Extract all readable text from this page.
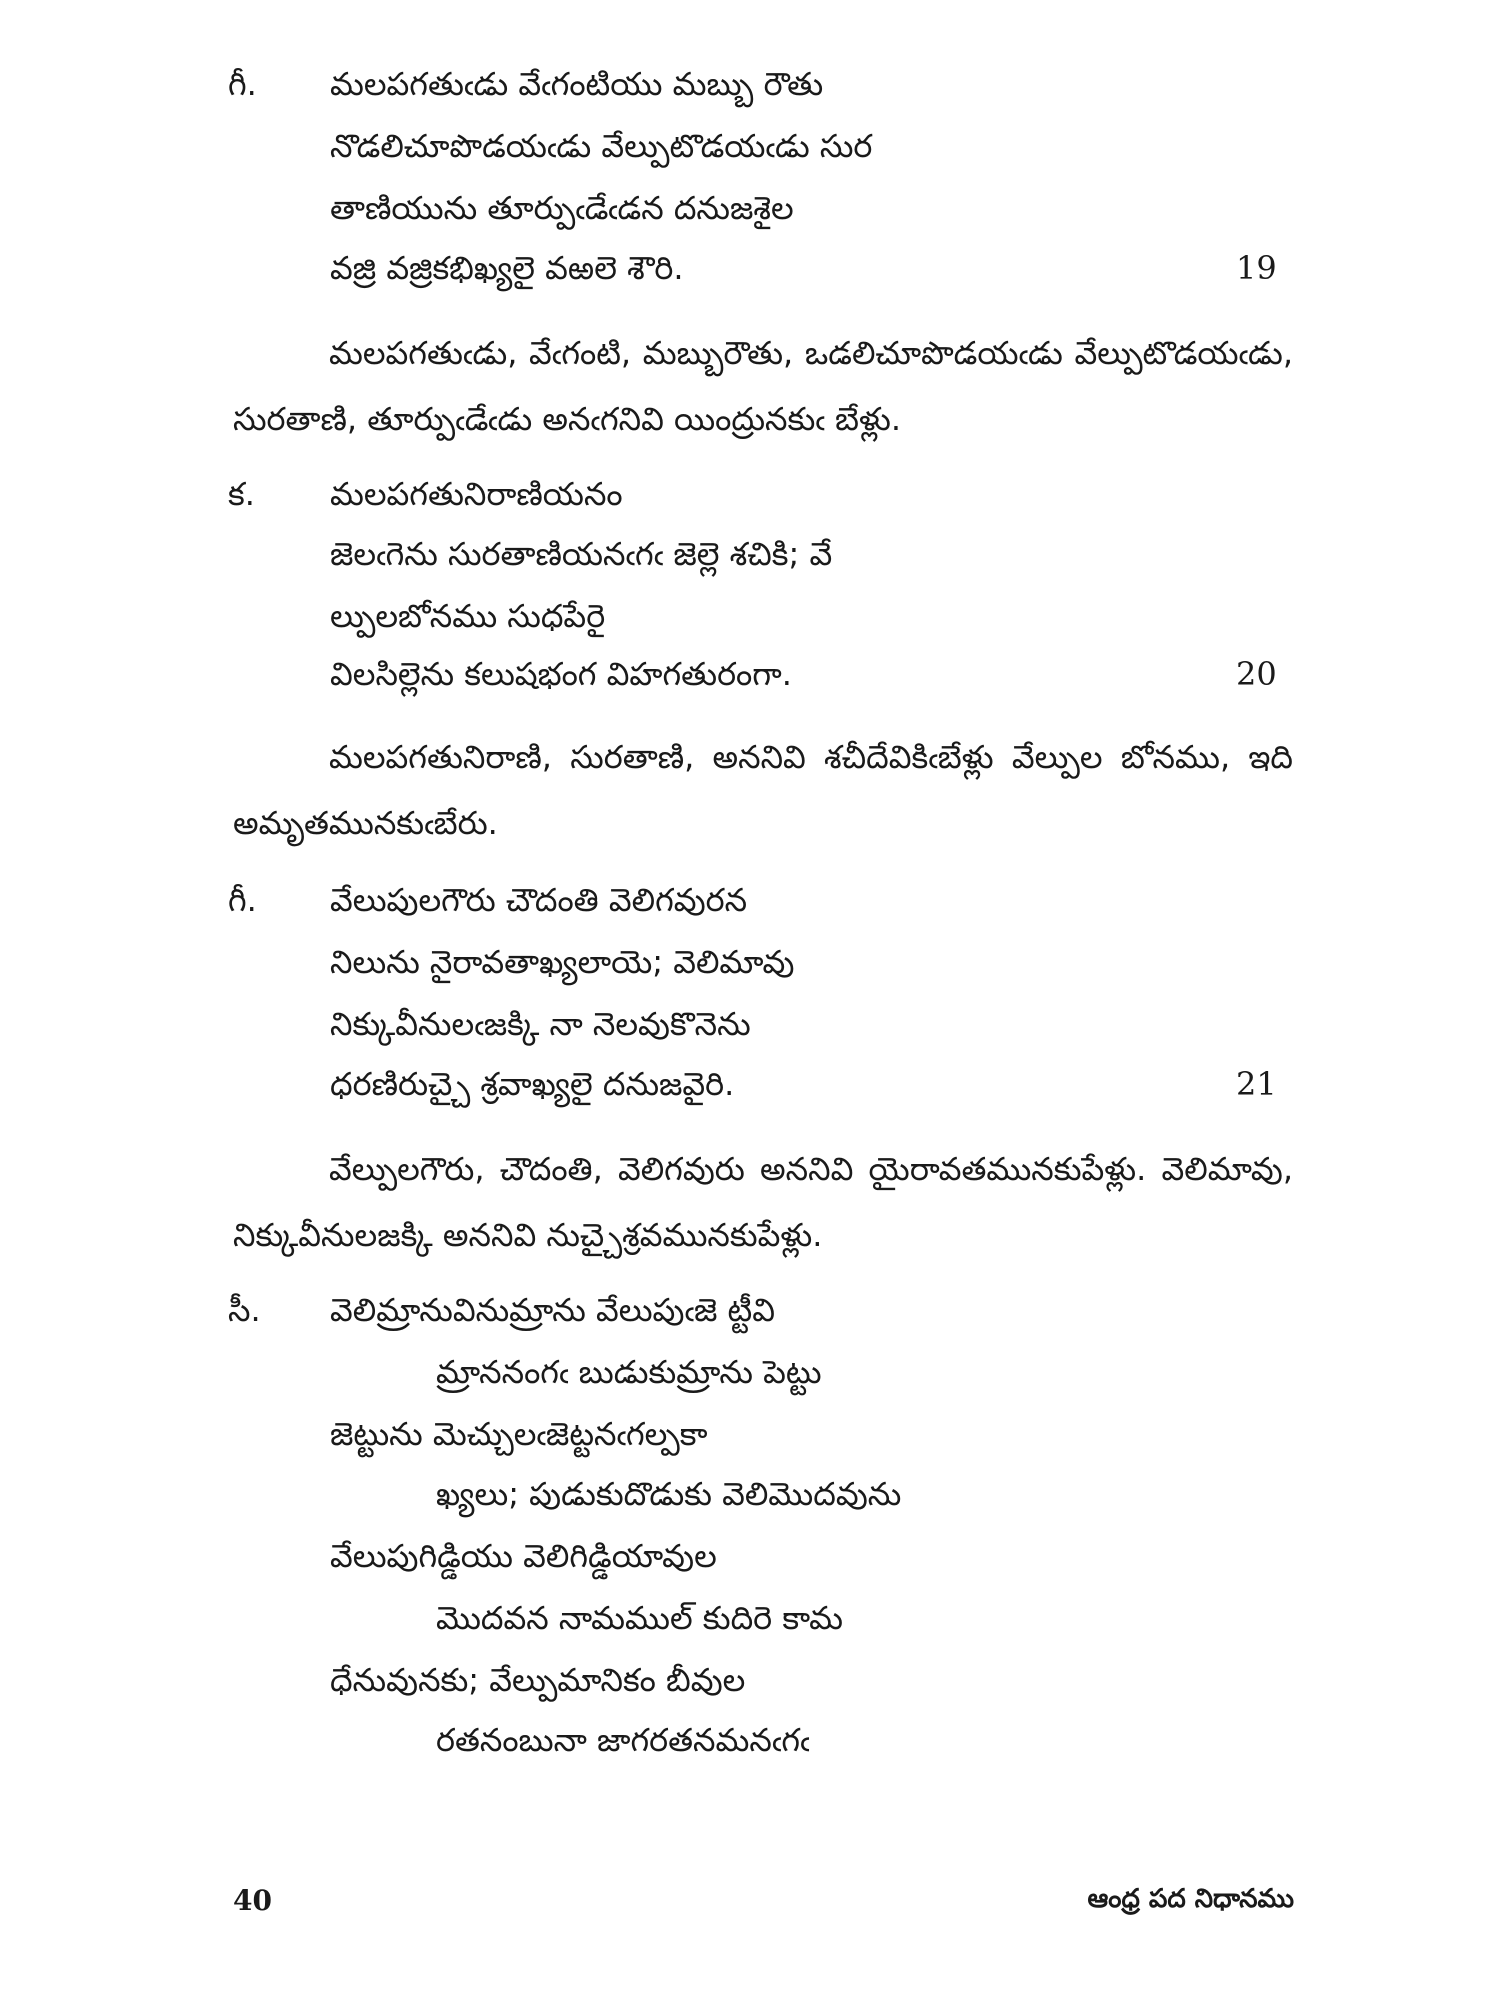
గీ. మలపగతుఁడు వేఁగంటియు మబ్బు రౌతు
నొడలిచూపొడయఁడు వేల్పుటొడయఁడు సుర
తాణియును తూర్పుఁడేఁడన దనుజశైల
వజ్రి వజ్రికభిఖ్యలై వఱలె శౌరి.	19
మలపగతుఁడు, వేఁగంటి, మబ్బురౌతు, ఒడలిచూపొడయఁడు వేల్పుటొడయఁడు, సురతాణి, తూర్పుఁడేఁడు అనఁగనివి యింద్రునకుఁ బేళ్లు.
క. మలపగతునిరాణియనం
జెలఁగెను సురతాణియనఁగఁ జెల్లె శచికి; వే
ల్పులబోనము సుధపేరై
విలసిల్లెను కలుషభంగ విహగతురంగా.	20
మలపగతునిరాణి, సురతాణి, అననివి శచీదేవికిఁబేళ్లు వేల్పుల బోనము, ఇది అమృతమునకుఁబేరు.
గీ. వేలుపులగౌరు చౌదంతి వెలిగవురన
నిలును నైరావతాఖ్యలాయె; వెలిమావు
నిక్కువీనులఁజక్కి నా నెలవుకొనెను
ధరణిరుచ్చై శ్రవాఖ్యలై దనుజవైరి.	21
వేల్పులగౌరు, చౌదంతి, వెలిగవురు అననివి యైరావతమునకుపేళ్లు. వెలిమావు, నిక్కువీనులజక్కి అననివి నుచ్చైశ్రవమునకుపేళ్లు.
సీ. వెలిమ్రానువినుమ్రాను వేలుపుఁజె ట్టీవి
మ్రాననంగఁ బుడుకుమ్రాను పెట్టు
జెట్టును మెచ్చులఁజెట్టనఁగల్పకా
ఖ్యలు; పుడుకుదొడుకు వెలిమొదవును
వేలుపుగిడ్డియు వెలిగిడ్డియావుల
మొదవన నామముల్ కుదిరె కామ
ధేనువునకు; వేల్పుమానికం బీవుల
రతనంబునా జాగరతనమనఁగఁ
40	ఆంధ్ర పద నిధానము
